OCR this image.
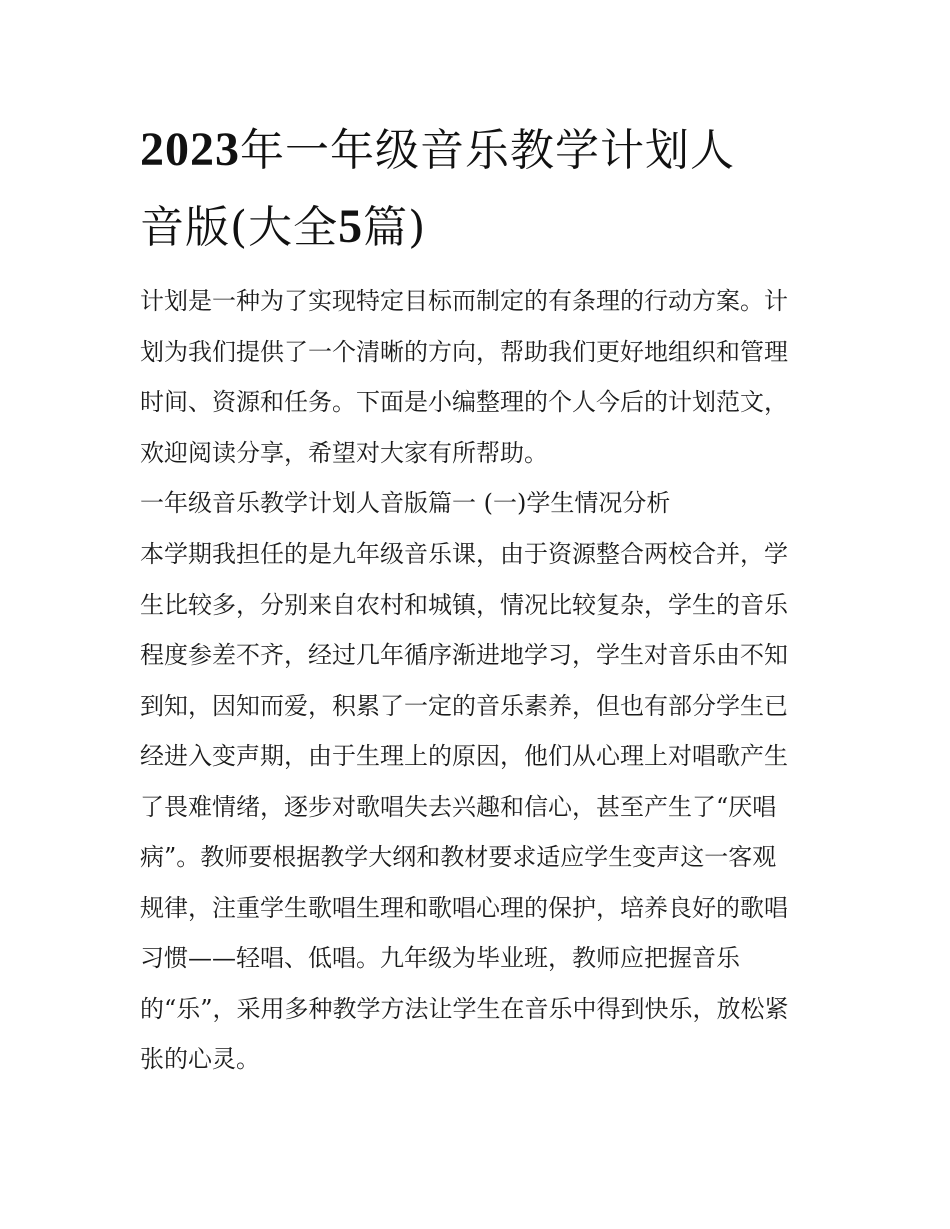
2023年一年级音乐教学计划人
音版(大全5篇)
计划是一种为了实现特定目标而制定的有条理的行动方案。计
划为我们提供了一个清晰的方向，帮助我们更好地组织和管理
时间、资源和任务。下面是小编整理的个人今后的计划范文，
欢迎阅读分享，希望对大家有所帮助。
一年级音乐教学计划人音版篇一 (一)学生情况分析
本学期我担任的是九年级音乐课，由于资源整合两校合并，学
生比较多，分别来自农村和城镇，情况比较复杂，学生的音乐
程度参差不齐，经过几年循序渐进地学习，学生对音乐由不知
到知，因知而爱，积累了一定的音乐素养，但也有部分学生已
经进入变声期，由于生理上的原因，他们从心理上对唱歌产生
了畏难情绪，逐步对歌唱失去兴趣和信心，甚至产生了“厌唱
病”。教师要根据教学大纲和教材要求适应学生变声这一客观
规律，注重学生歌唱生理和歌唱心理的保护，培养良好的歌唱
习惯——轻唱、低唱。九年级为毕业班，教师应把握音乐
的“乐”，采用多种教学方法让学生在音乐中得到快乐，放松紧
张的心灵。
